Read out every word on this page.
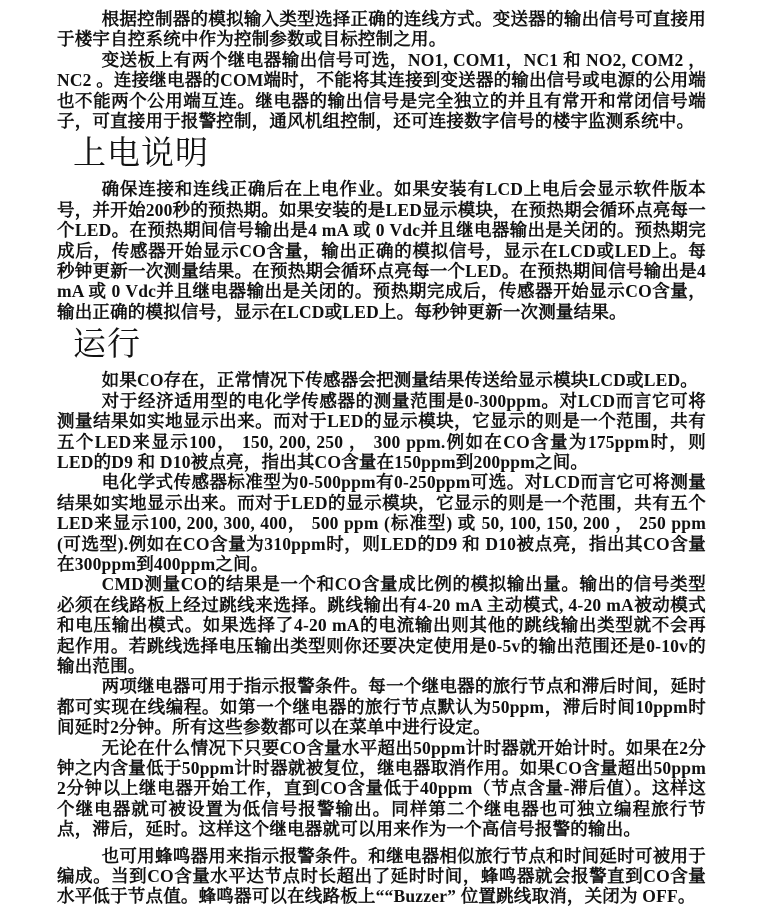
根据控制器的模拟输入类型选择正确的连线方式。变送器的输出信号可直接用于楼宇自控系统中作为控制参数或目标控制之用。

变送板上有两个继电器输出信号可选，NO1, COM1，NC1 和 NO2, COM2 ，NC2 。连接继电器的COM端时，不能将其连接到变送器的输出信号或电源的公用端也不能两个公用端互连。继电器的输出信号是完全独立的并且有常开和常闭信号端子，可直接用于报警控制，通风机组控制，还可连接数字信号的楼宇监测系统中。

上电说明

确保连接和连线正确后在上电作业。如果安装有LCD上电后会显示软件版本号，并开始200秒的预热期。如果安装的是LED显示模块，在预热期会循环点亮每一个LED。在预热期间信号输出是4 mA 或 0 Vdc并且继电器输出是关闭的。预热期完成后，传感器开始显示CO含量，输出正确的模拟信号，显示在LCD或LED上。每秒钟更新一次测量结果。在预热期会循环点亮每一个LED。在预热期间信号输出是4 mA 或 0 Vdc并且继电器输出是关闭的。预热期完成后，传感器开始显示CO含量，输出正确的模拟信号，显示在LCD或LED上。每秒钟更新一次测量结果。

运行

如果CO存在，正常情况下传感器会把测量结果传送给显示模块LCD或LED。

对于经济适用型的电化学传感器的测量范围是0-300ppm。对LCD而言它可将测量结果如实地显示出来。而对于LED的显示模块，它显示的则是一个范围，共有五个LED来显示100， 150, 200, 250 ， 300 ppm.例如在CO含量为175ppm时，则LED的D9 和 D10被点亮，指出其CO含量在150ppm到200ppm之间。

电化学式传感器标准型为0-500ppm有0-250ppm可选。对LCD而言它可将测量结果如实地显示出来。而对于LED的显示模块，它显示的则是一个范围，共有五个LED来显示100, 200, 300, 400， 500 ppm (标准型) 或 50, 100, 150, 200 ， 250 ppm (可选型).例如在CO含量为310ppm时，则LED的D9 和 D10被点亮，指出其CO含量在300ppm到400ppm之间。

CMD测量CO的结果是一个和CO含量成比例的模拟输出量。输出的信号类型必须在线路板上经过跳线来选择。跳线输出有4-20 mA 主动模式, 4-20 mA被动模式和电压输出模式。如果选择了4-20 mA的电流输出则其他的跳线输出类型就不会再起作用。若跳线选择电压输出类型则你还要决定使用是0-5v的输出范围还是0-10v的输出范围。

两项继电器可用于指示报警条件。每一个继电器的旅行节点和滞后时间，延时都可实现在线编程。如第一个继电器的旅行节点默认为50ppm，滞后时间10ppm时间延时2分钟。所有这些参数都可以在菜单中进行设定。

无论在什么情况下只要CO含量水平超出50ppm计时器就开始计时。如果在2分钟之内含量低于50ppm计时器就被复位，继电器取消作用。如果CO含量超出50ppm 2分钟以上继电器开始工作，直到CO含量低于40ppm（节点含量-滞后值）。这样这个继电器就可被设置为低信号报警输出。同样第二个继电器也可独立编程旅行节点，滞后，延时。这样这个继电器就可以用来作为一个高信号报警的输出。

也可用蜂鸣器用来指示报警条件。和继电器相似旅行节点和时间延时可被用于编成。当到CO含量水平达节点时长超出了延时时间，蜂鸣器就会报警直到CO含量水平低于节点值。蜂鸣器可以在线路板上““Buzzer” 位置跳线取消，关闭为 OFF。
